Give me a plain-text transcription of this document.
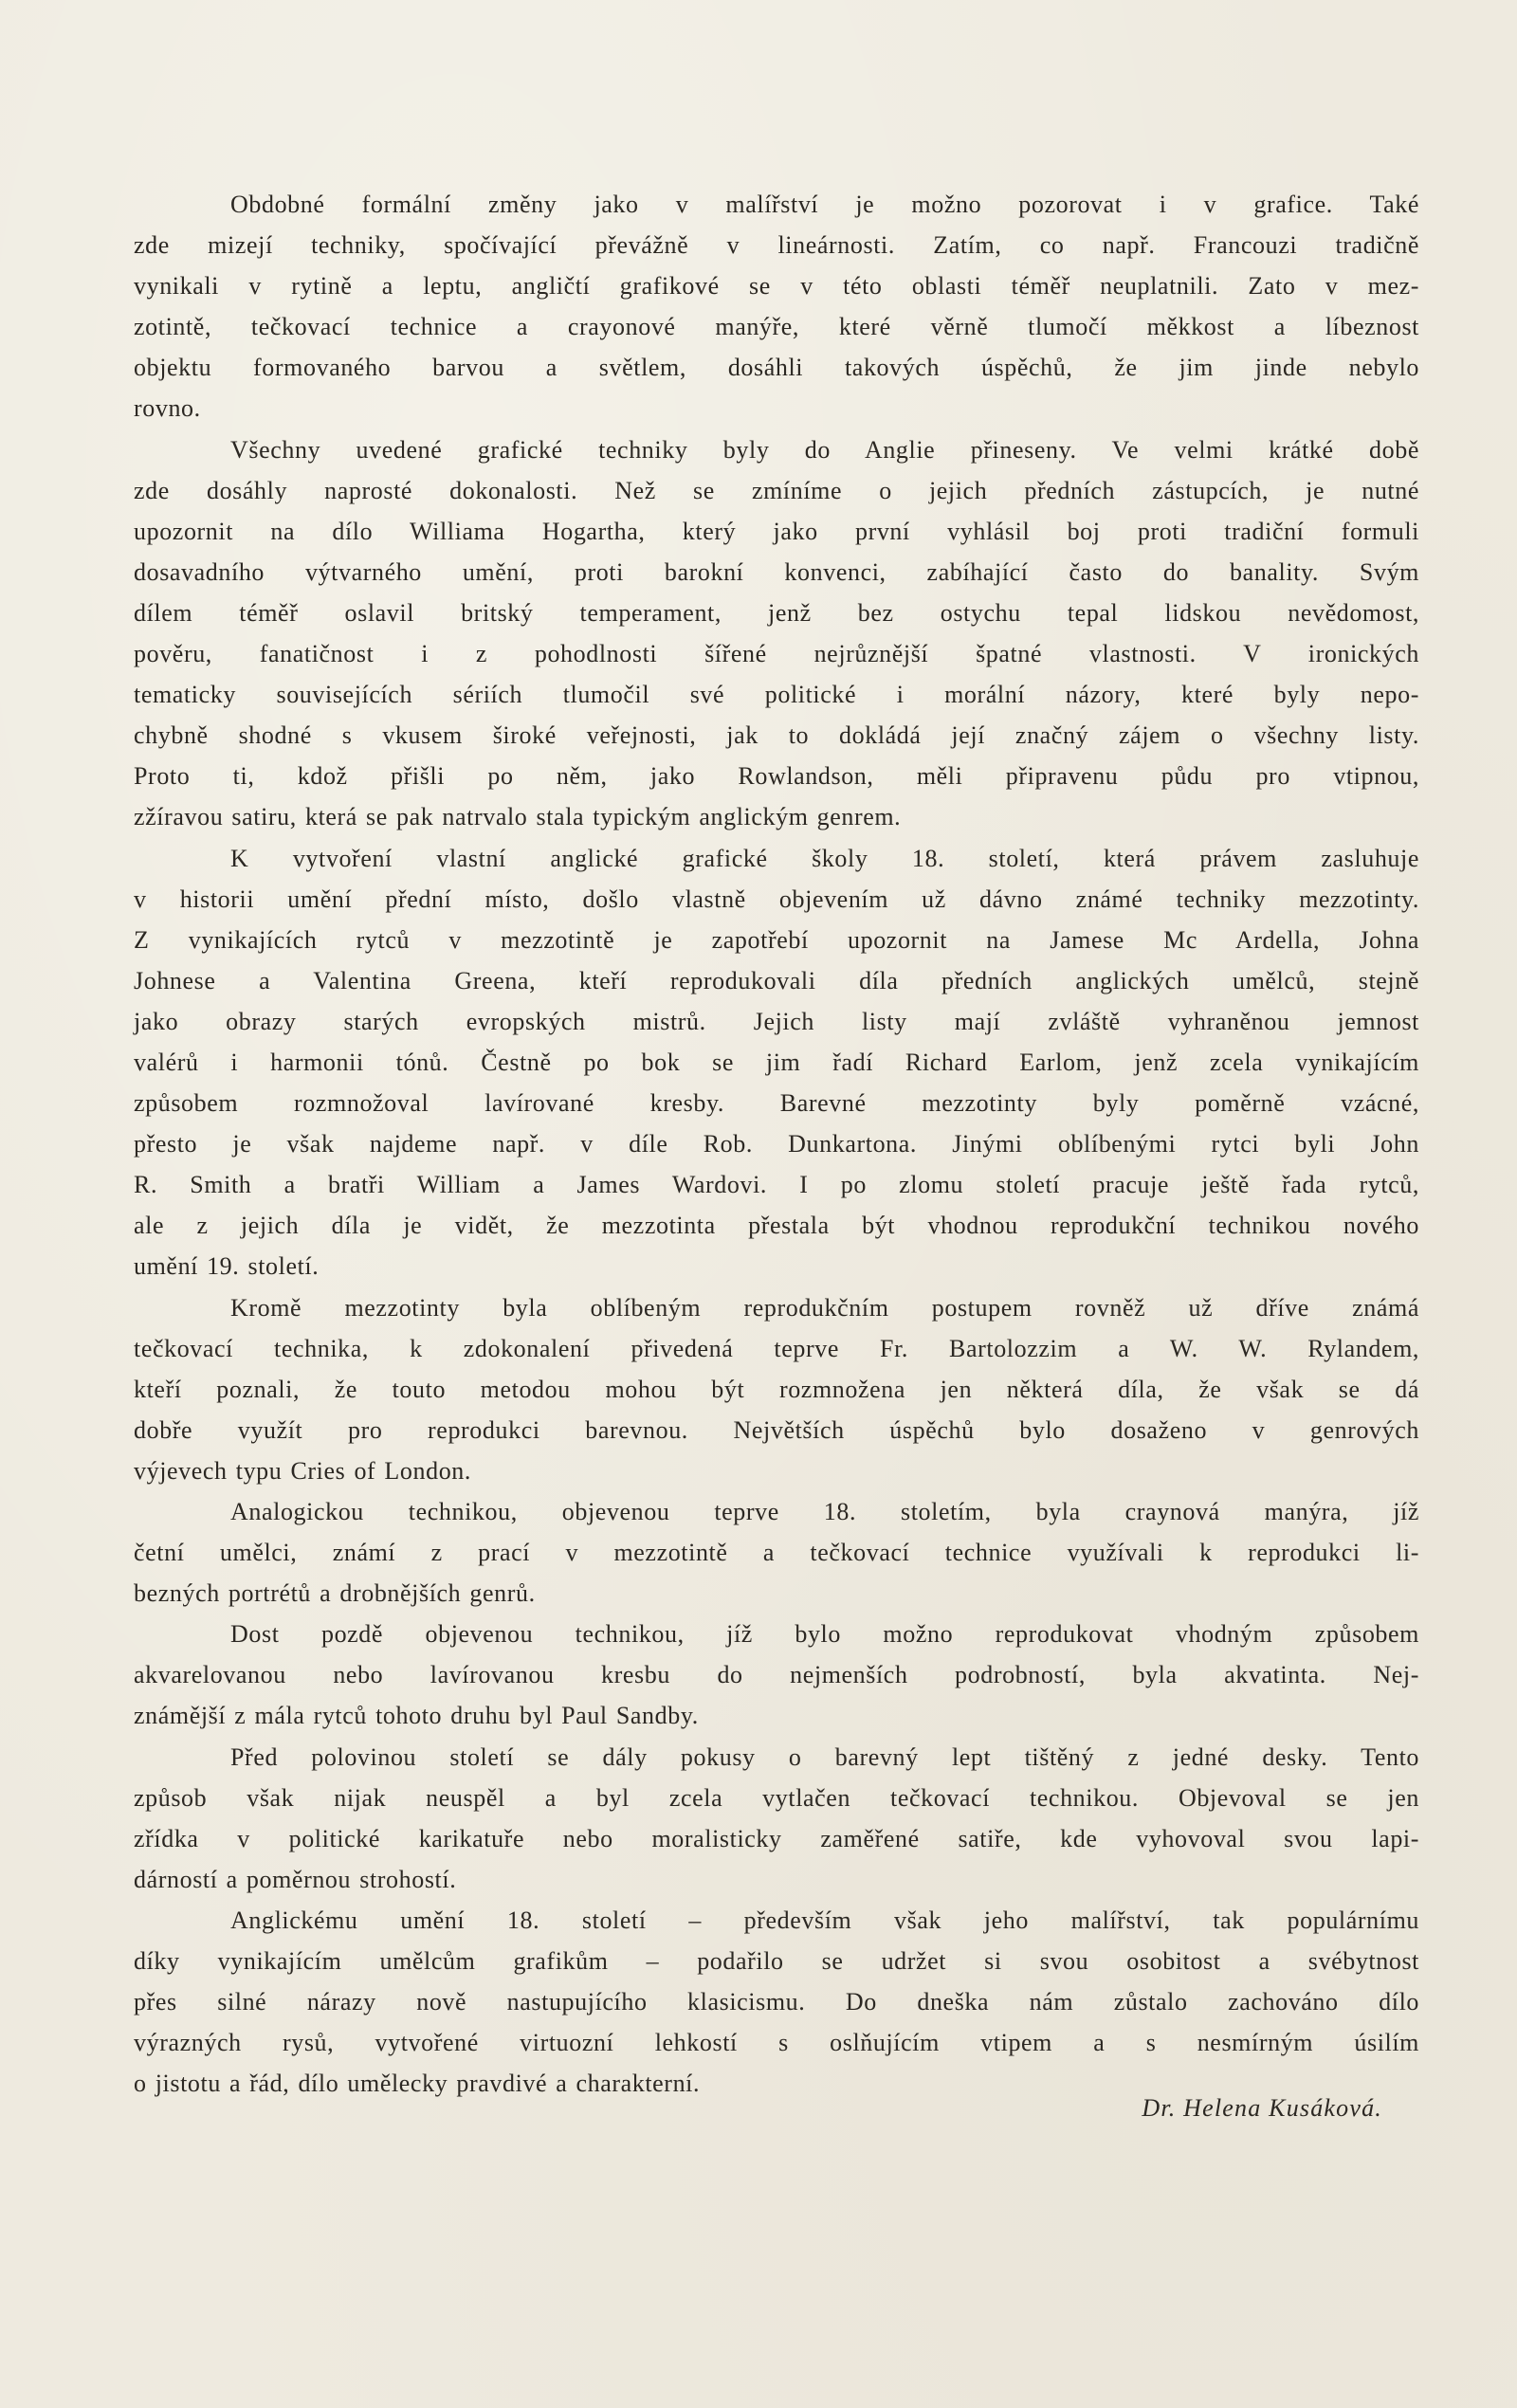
Obdobné formální změny jako v malířství je možno pozorovat i v grafice. Také
zde mizejí techniky, spočívající převážně v lineárnosti. Zatím, co např. Francouzi tradičně
vynikali v rytině a leptu, angličtí grafikové se v této oblasti téměř neuplatnili. Zato v mez-
zotintě, tečkovací technice a crayonové manýře, které věrně tlumočí měkkost a líbeznost
objektu formovaného barvou a světlem, dosáhli takových úspěchů, že jim jinde nebylo
rovno.
Všechny uvedené grafické techniky byly do Anglie přineseny. Ve velmi krátké době
zde dosáhly naprosté dokonalosti. Než se zmíníme o jejich předních zástupcích, je nutné
upozornit na dílo Williama Hogartha, který jako první vyhlásil boj proti tradiční formuli
dosavadního výtvarného umění, proti barokní konvenci, zabíhající často do banality. Svým
dílem téměř oslavil britský temperament, jenž bez ostychu tepal lidskou nevědomost,
pověru, fanatičnost i z pohodlnosti šířené nejrůznější špatné vlastnosti. V ironických
tematicky souvisejících sériích tlumočil své politické i morální názory, které byly nepo-
chybně shodné s vkusem široké veřejnosti, jak to dokládá její značný zájem o všechny listy.
Proto ti, kdož přišli po něm, jako Rowlandson, měli připravenu půdu pro vtipnou,
zžíravou satiru, která se pak natrvalo stala typickým anglickým genrem.
K vytvoření vlastní anglické grafické školy 18. století, která právem zasluhuje
v historii umění přední místo, došlo vlastně objevením už dávno známé techniky mezzotinty.
Z vynikajících rytců v mezzotintě je zapotřebí upozornit na Jamese Mc Ardella, Johna
Johnese a Valentina Greena, kteří reprodukovali díla předních anglických umělců, stejně
jako obrazy starých evropských mistrů. Jejich listy mají zvláště vyhraněnou jemnost
valérů i harmonii tónů. Čestně po bok se jim řadí Richard Earlom, jenž zcela vynikajícím
způsobem rozmnožoval lavírované kresby. Barevné mezzotinty byly poměrně vzácné,
přesto je však najdeme např. v díle Rob. Dunkartona. Jinými oblíbenými rytci byli John
R. Smith a bratři William a James Wardovi. I po zlomu století pracuje ještě řada rytců,
ale z jejich díla je vidět, že mezzotinta přestala být vhodnou reprodukční technikou nového
umění 19. století.
Kromě mezzotinty byla oblíbeným reprodukčním postupem rovněž už dříve známá
tečkovací technika, k zdokonalení přivedená teprve Fr. Bartolozzim a W. W. Rylandem,
kteří poznali, že touto metodou mohou být rozmnožena jen některá díla, že však se dá
dobře využít pro reprodukci barevnou. Největších úspěchů bylo dosaženo v genrových
výjevech typu Cries of London.
Analogickou technikou, objevenou teprve 18. stoletím, byla craynová manýra, jíž
četní umělci, známí z prací v mezzotintě a tečkovací technice využívali k reprodukci li-
bezných portrétů a drobnějších genrů.
Dost pozdě objevenou technikou, jíž bylo možno reprodukovat vhodným způsobem
akvarelovanou nebo lavírovanou kresbu do nejmenších podrobností, byla akvatinta. Nej-
známější z mála rytců tohoto druhu byl Paul Sandby.
Před polovinou století se dály pokusy o barevný lept tištěný z jedné desky. Tento
způsob však nijak neuspěl a byl zcela vytlačen tečkovací technikou. Objevoval se jen
zřídka v politické karikatuře nebo moralisticky zaměřené satiře, kde vyhovoval svou lapi-
dárností a poměrnou strohostí.
Anglickému umění 18. století – především však jeho malířství, tak populárnímu
díky vynikajícím umělcům grafikům – podařilo se udržet si svou osobitost a svébytnost
přes silné nárazy nově nastupujícího klasicismu. Do dneška nám zůstalo zachováno dílo
výrazných rysů, vytvořené virtuozní lehkostí s oslňujícím vtipem a s nesmírným úsilím
o jistotu a řád, dílo umělecky pravdivé a charakterní.
Dr. Helena Kusáková.
